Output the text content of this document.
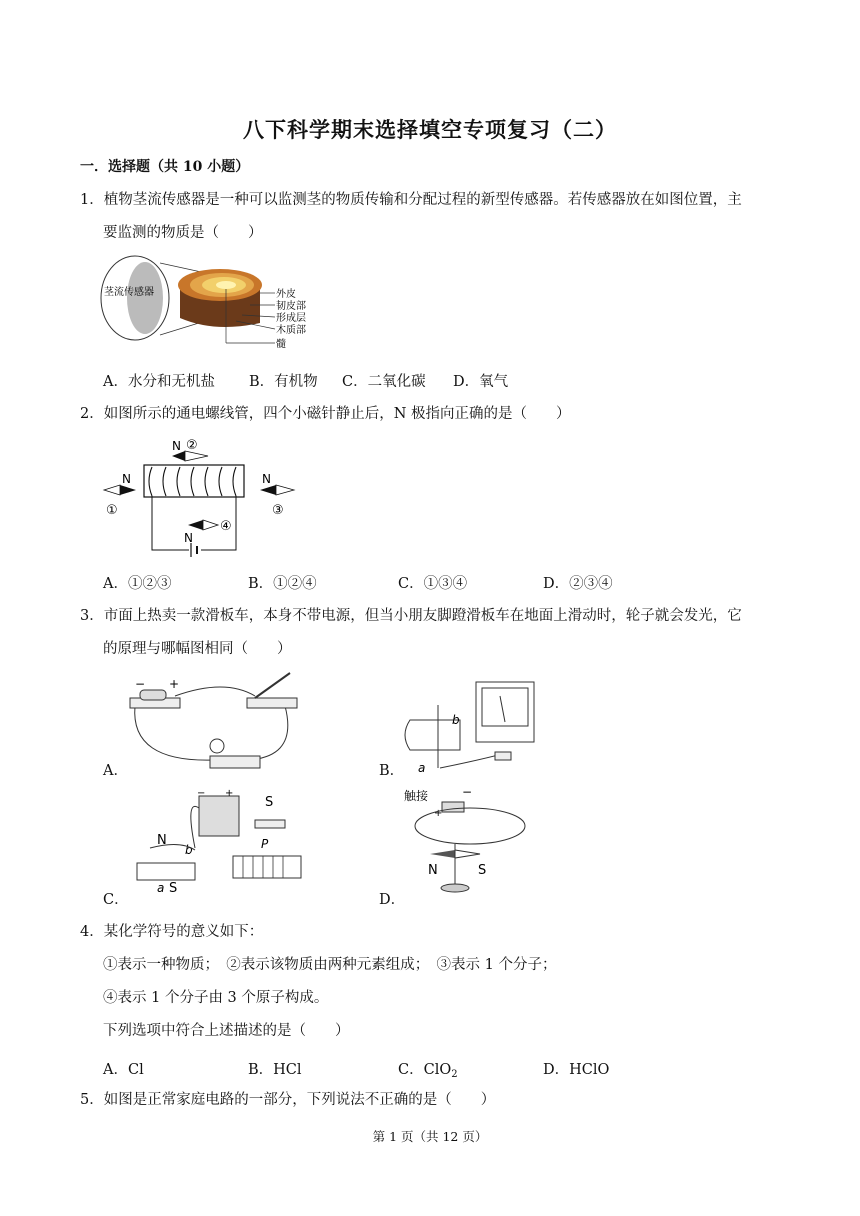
八下科学期末选择填空专项复习（二）
一．选择题（共 10 小题）
1．植物茎流传感器是一种可以监测茎的物质传输和分配过程的新型传感器。若传感器放在如图位置，主
要监测的物质是（　　）
茎流传感器	外皮
韧皮部
形成层
木质部
髓
A．水分和无机盐 B．有机物 C．二氧化碳 D．氧气
2．如图所示的通电螺线管，四个小磁针静止后，N 极指向正确的是（　　）
N ②
N
①
N
③
N
④
A．①②③	B．①②④	C．①③④	D．②③④
3．市面上热卖一款滑板车，本身不带电源，但当小朋友脚蹬滑板车在地面上滑动时，轮子就会发光，它
的原理与哪幅图相同（　　）
− +
A．
b
a
B．
− +
S
N
b
a S
P
C．
触接
+
−
N	S
D．
4．某化学符号的意义如下：
①表示一种物质；　②表示该物质由两种元素组成；　③表示 1 个分子；
④表示 1 个分子由 3 个原子构成。
下列选项中符合上述描述的是（　　）
A．Cl	B．HCl	C．ClO$_2$	D．HClO
5．如图是正常家庭电路的一部分，下列说法不正确的是（　　）
第 1 页（共 12 页）
